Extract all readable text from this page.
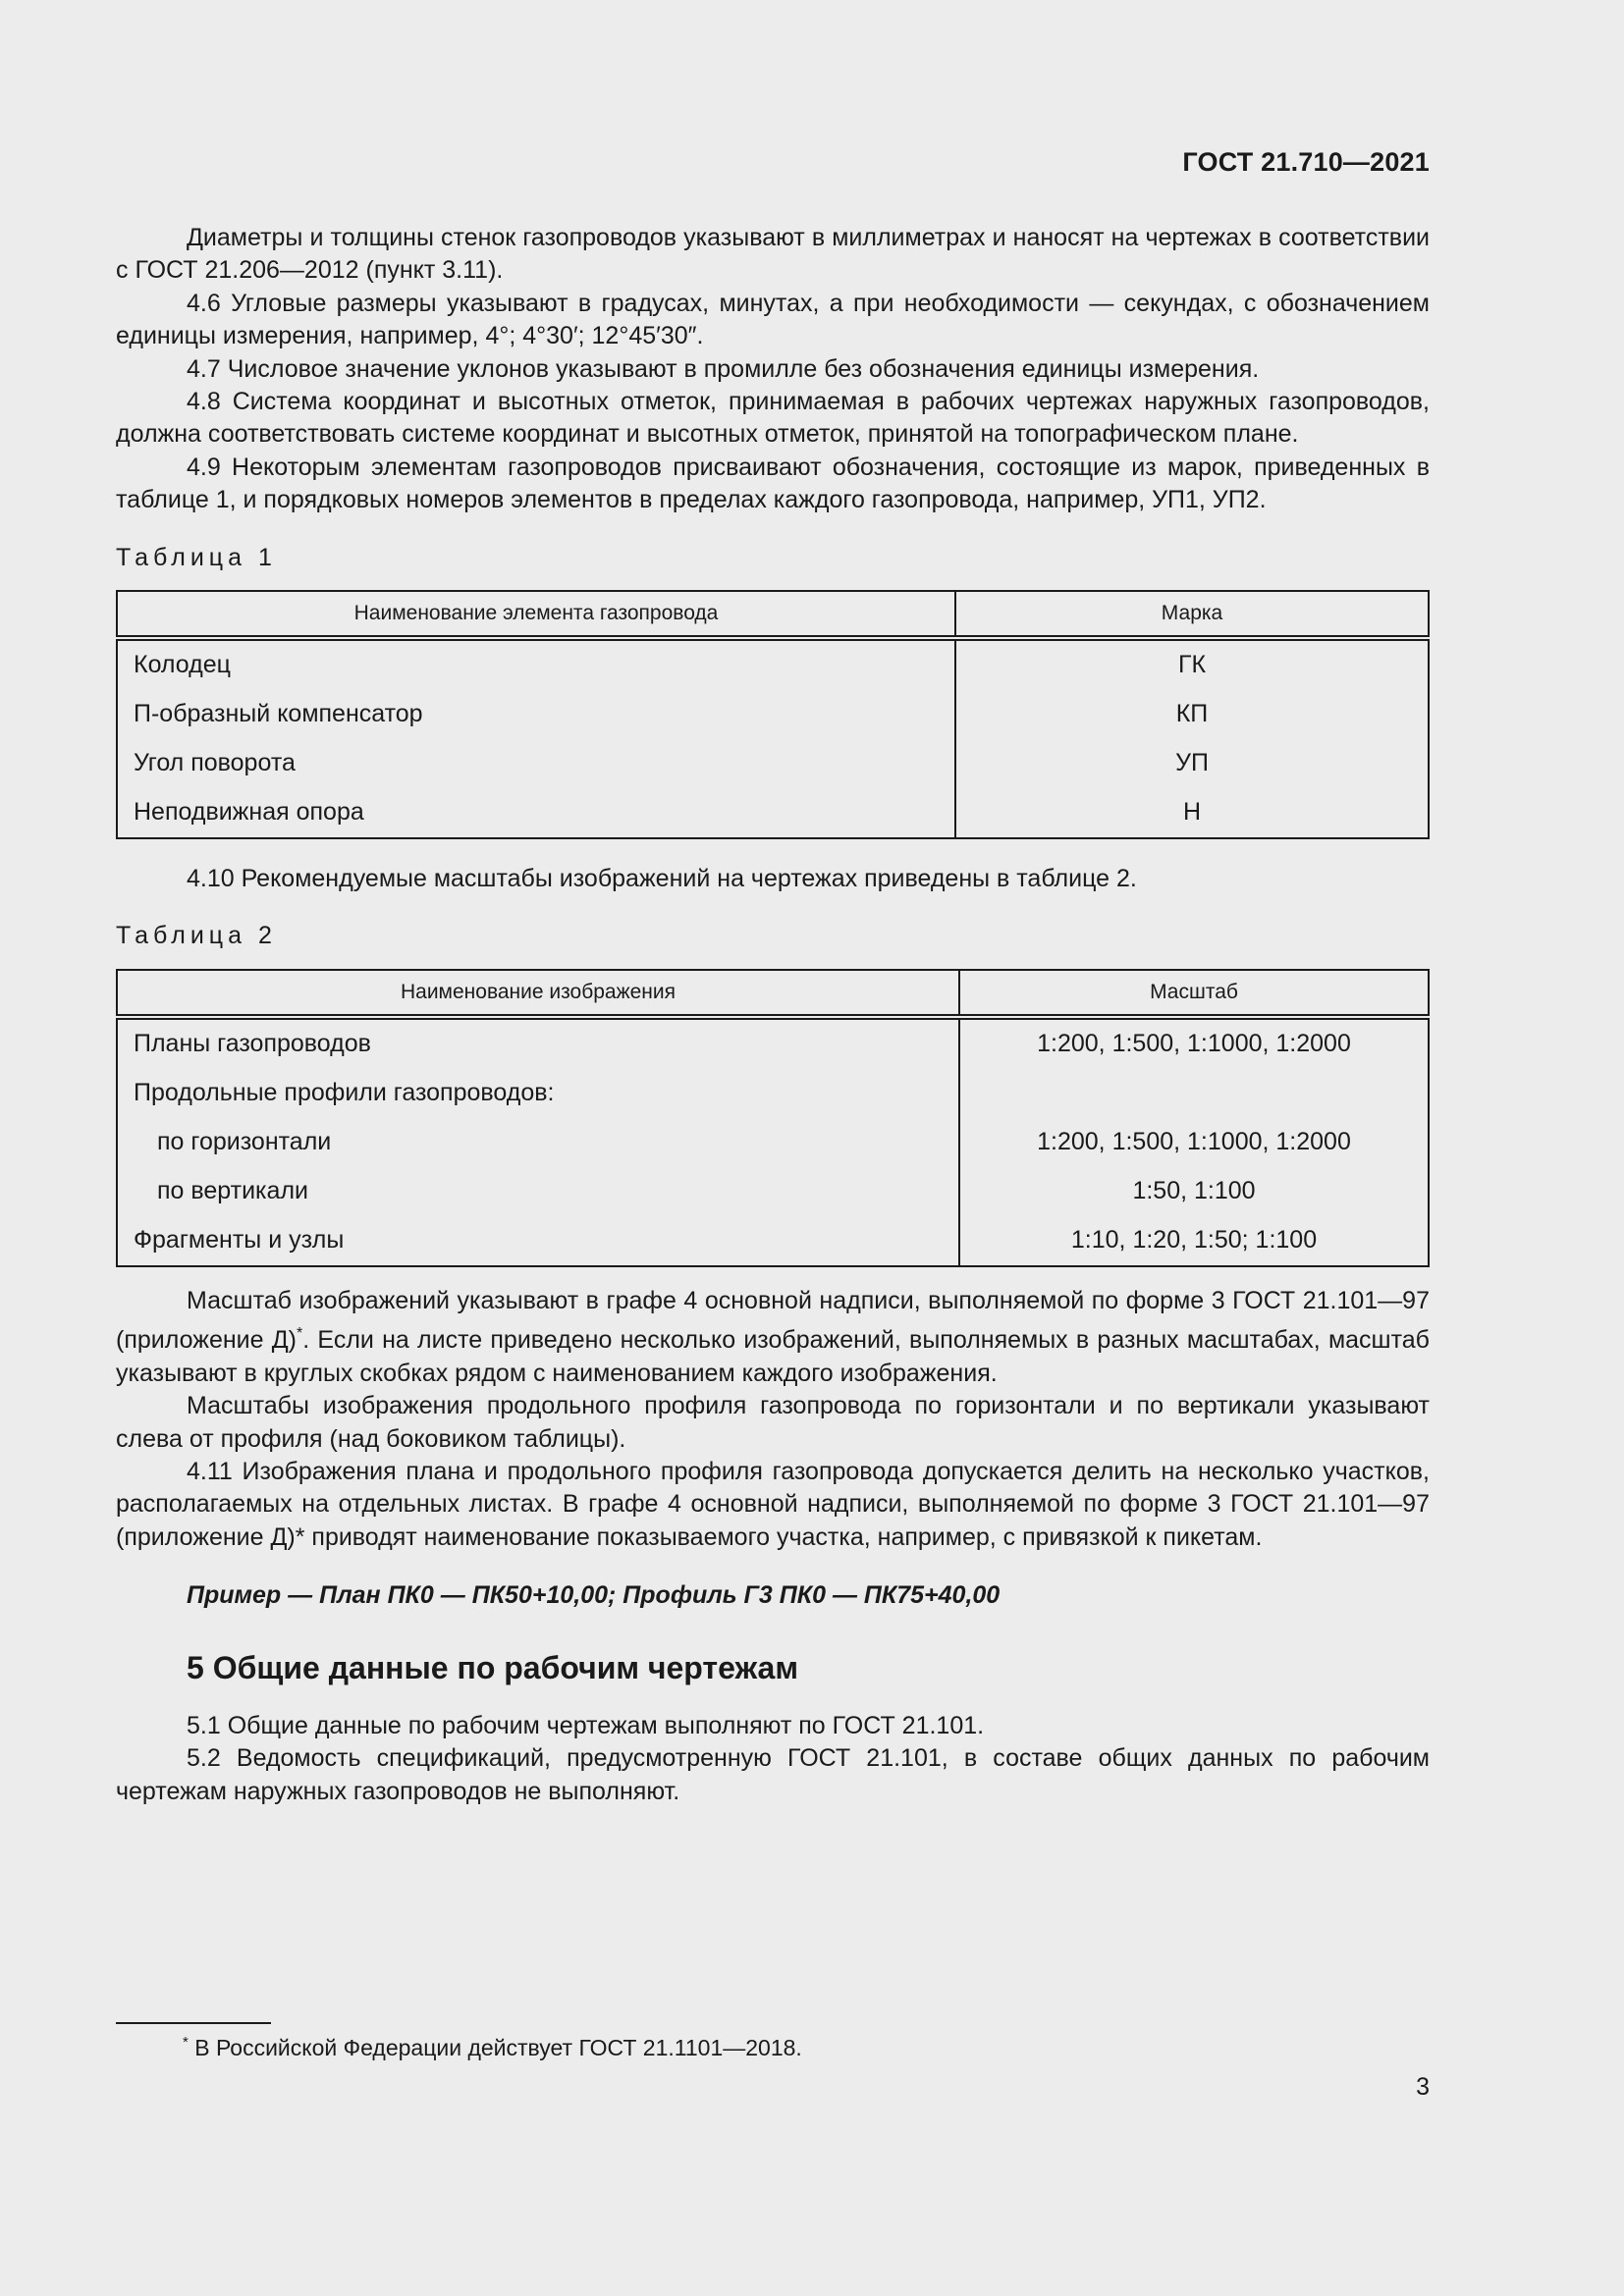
ГОСТ 21.710—2021

Диаметры и толщины стенок газопроводов указывают в миллиметрах и наносят на чертежах в соответствии с ГОСТ 21.206—2012 (пункт 3.11).

4.6 Угловые размеры указывают в градусах, минутах, а при необходимости — секундах, с обозначением единицы измерения, например, 4°; 4°30′; 12°45′30″.

4.7 Числовое значение уклонов указывают в промилле без обозначения единицы измерения.

4.8 Система координат и высотных отметок, принимаемая в рабочих чертежах наружных газопроводов, должна соответствовать системе координат и высотных отметок, принятой на топографическом плане.

4.9 Некоторым элементам газопроводов присваивают обозначения, состоящие из марок, приведенных в таблице 1, и порядковых номеров элементов в пределах каждого газопровода, например, УП1, УП2.

Таблица 1
Наименование элемента газопровода	Марка
Колодец	ГК
П-образный компенсатор	КП
Угол поворота	УП
Неподвижная опора	Н

4.10 Рекомендуемые масштабы изображений на чертежах приведены в таблице 2.

Таблица 2
Наименование изображения	Масштаб
Планы газопроводов	1:200, 1:500, 1:1000, 1:2000
Продольные профили газопроводов:	
по горизонтали	1:200, 1:500, 1:1000, 1:2000
по вертикали	1:50, 1:100
Фрагменты и узлы	1:10, 1:20, 1:50; 1:100

Масштаб изображений указывают в графе 4 основной надписи, выполняемой по форме 3 ГОСТ 21.101—97 (приложение Д)*. Если на листе приведено несколько изображений, выполняемых в разных масштабах, масштаб указывают в круглых скобках рядом с наименованием каждого изображения.

Масштабы изображения продольного профиля газопровода по горизонтали и по вертикали указывают слева от профиля (над боковиком таблицы).

4.11 Изображения плана и продольного профиля газопровода допускается делить на несколько участков, располагаемых на отдельных листах. В графе 4 основной надписи, выполняемой по форме 3 ГОСТ 21.101—97 (приложение Д)* приводят наименование показываемого участка, например, с привязкой к пикетам.

Пример — План ПК0 — ПК50+10,00; Профиль Г3 ПК0 — ПК75+40,00

5 Общие данные по рабочим чертежам

5.1 Общие данные по рабочим чертежам выполняют по ГОСТ 21.101.

5.2 Ведомость спецификаций, предусмотренную ГОСТ 21.101, в составе общих данных по рабочим чертежам наружных газопроводов не выполняют.

* В Российской Федерации действует ГОСТ 21.1101—2018.
3
